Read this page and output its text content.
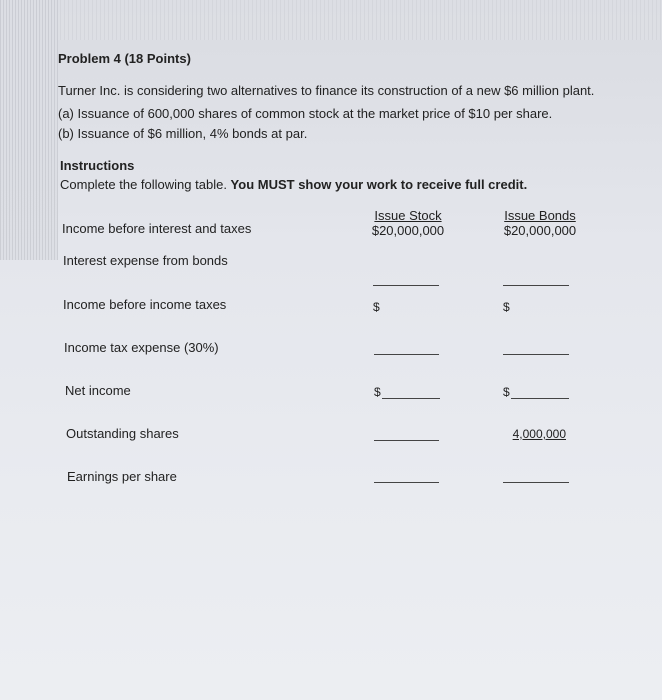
Problem 4 (18 Points)
Turner Inc. is considering two alternatives to finance its construction of a new $6 million plant.
(a) Issuance of 600,000 shares of common stock at the market price of $10 per share.
(b) Issuance of $6 million, 4% bonds at par.
Instructions
Complete the following table. You MUST show your work to receive full credit.
Issue Stock
$20,000,000
Issue Bonds
$20,000,000
Income before interest and taxes
Interest expense from bonds
Income before income taxes
Income tax expense (30%)
Net income
Outstanding shares
Earnings per share
$	$
$	$
4,000,000
